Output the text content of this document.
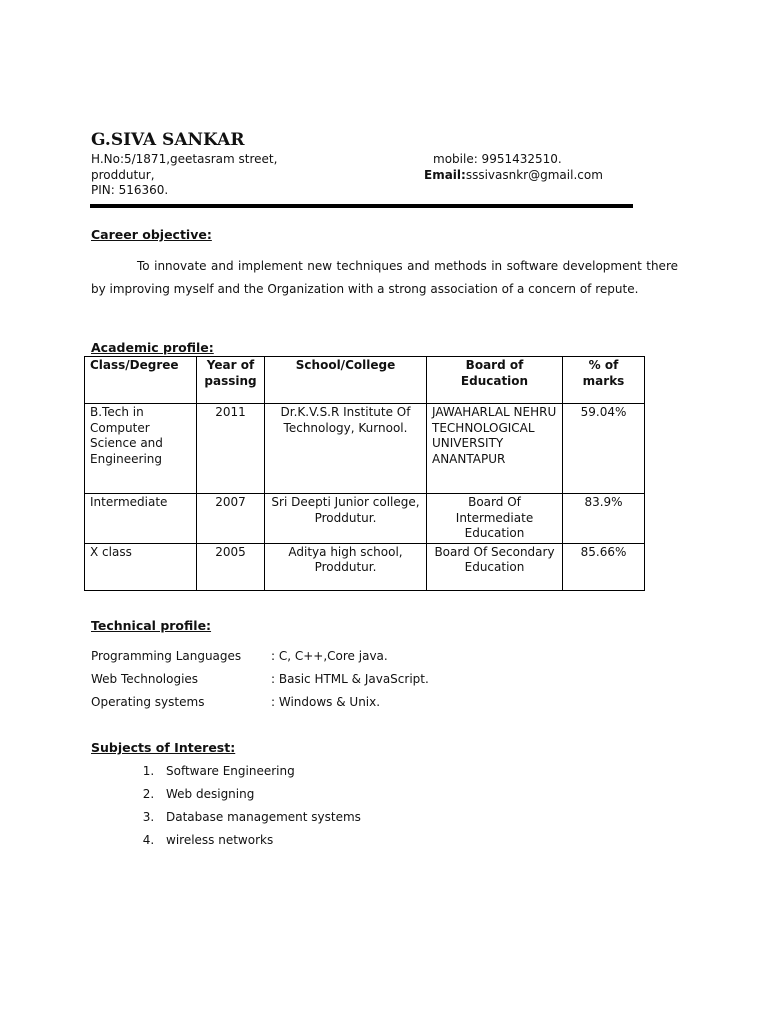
G.SIVA SANKAR
H.No:5/1871,geetasram street,
proddutur,
PIN: 516360.
mobile: 9951432510.
Email:sssivasnkr@gmail.com
Career objective:
To innovate and implement new techniques and methods in software development there by improving myself and the Organization with a strong association of a concern of repute.
Academic profile:
Class/Degree	Year of passing	School/College	Board of Education	% of marks
B.Tech in Computer Science and Engineering	2011	Dr.K.V.S.R Institute Of Technology, Kurnool.	JAWAHARLAL NEHRU TECHNOLOGICAL UNIVERSITY ANANTAPUR	59.04%
Intermediate	2007	Sri Deepti Junior college, Proddutur.	Board Of Intermediate Education	83.9%
X class	2005	Aditya high school, Proddutur.	Board Of Secondary Education	85.66%
Technical profile:
Programming Languages : C, C++,Core java.
Web Technologies	: Basic HTML & JavaScript.
Operating systems	: Windows & Unix.
Subjects of Interest:
1. Software Engineering
2. Web designing
3. Database management systems
4. wireless networks
